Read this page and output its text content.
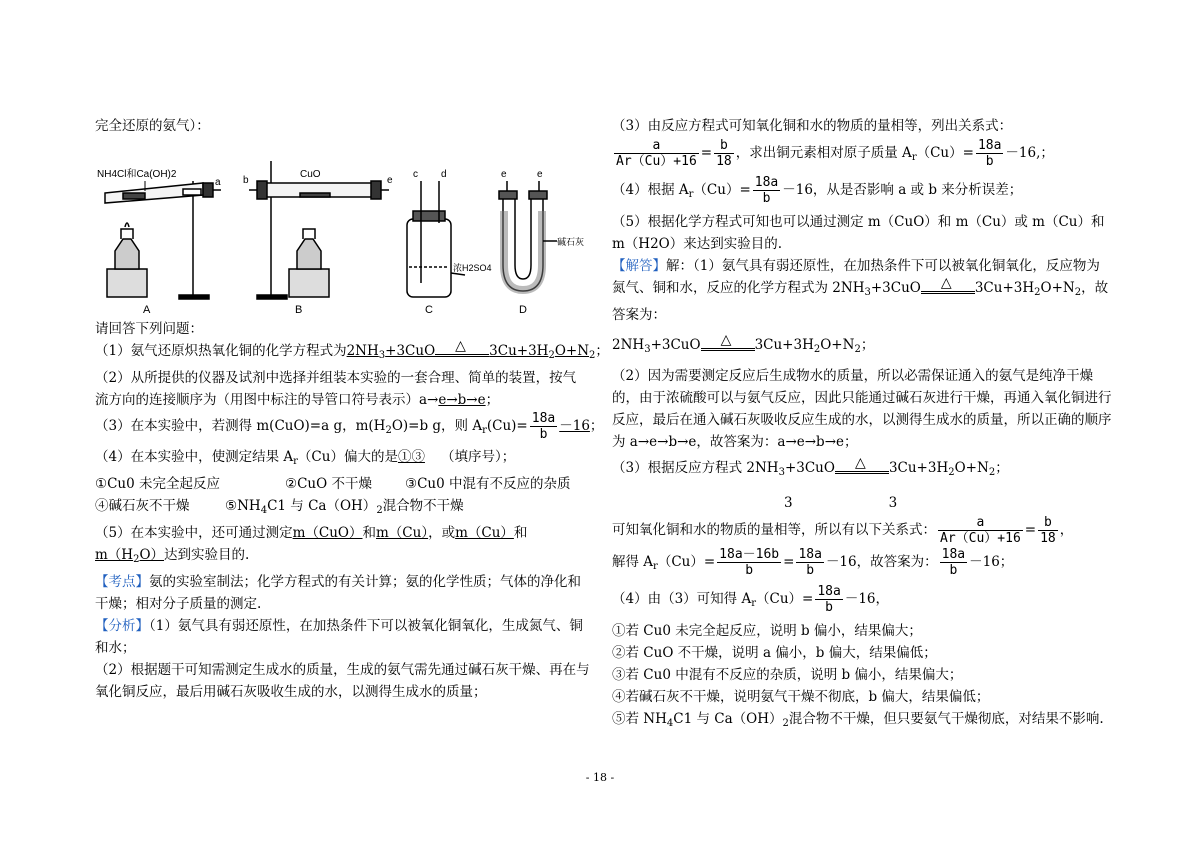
完全还原的氨气）：

NH4Cl和Ca(OH)2
a
A
CuO
b	e
B
c d
浓H2SO4
C
e	e
碱石灰
D

请回答下列问题：

（1）氨气还原炽热氧化铜的化学方程式为$2NH_3+3CuO$ △ $3Cu+3H_2O+N_2$；

（2）从所提供的仪器及试剂中选择并组装本实验的一套合理、简单的装置，按气

流方向的连接顺序为（用图中标注的导管口符号表示）a→e→b→e；

（3）在本实验中，若测得 m(CuO)=a g，$m(H_2O)=b$ g，则 $A_r(Cu)= \frac{18a}{b} -16$；

（4）在本实验中，使测定结果 $A_r(Cu)$偏大的是①③ （填序号）；

①Cu0 未完全起反应	②CuO 不干燥 ③Cu0 中混有不反应的杂质

④碱石灰不干燥	$⑤NH_4C1$ 与 $Ca(OH)_2$混合物不干燥

（5）在本实验中，还可通过测定m（CuO）和m（Cu），或m（Cu）和

$m(H_2O)$达到实验目的.

【考点】氨的实验室制法；化学方程式的有关计算；氨的化学性质；气体的净化和干燥；相对分子质量的测定.

【分析】（1）氨气具有弱还原性，在加热条件下可以被氧化铜氧化，生成氮气、铜和水；

（2）根据题干可知需测定生成水的质量，生成的氨气需先通过碱石灰干燥、再在与氧化铜反应，最后用碱石灰吸收生成的水，以测得生成水的质量；

（3）由反应方程式可知氧化铜和水的物质的量相等，列出关系式：

$\frac{a}{Ar(Cu)+16} = \frac{b}{18}$ ，求出铜元素相对原子质量 $A_r(Cu)= \frac{18a}{b} -16$,；

（4）根据 $A_r(Cu)= \frac{18a}{b} -16$，从是否影响 a 或 b 来分析误差；

（5）根据化学方程式可知也可以通过测定 m（CuO）和 m（Cu）或 m（Cu）和 m（H2O）来达到实验目的.

【解答】解：（1）氨气具有弱还原性，在加热条件下可以被氧化铜氧化，反应物为氮气、铜和水，反应的化学方程式为 $2NH_3+3CuO$ △ $3Cu+3H_2O+N_2$，故答案为：

$2NH_3+3CuO$ △ $3Cu+3H_2O+N_2$；

（2）因为需要测定反应后生成物水的质量，所以必需保证通入的氨气是纯净干燥的，由于浓硫酸可以与氨气反应，因此只能通过碱石灰进行干燥，再通入氧化铜进行反应，最后在通入碱石灰吸收反应生成的水，以测得生成水的质量，所以正确的顺序为 a→e→b→e，故答案为：a→e→b→e；

（3）根据反应方程式 $2NH_3+3CuO$ △ $3Cu+3H_2O+N_2$；

3	3

可知氧化铜和水的物质的量相等，所以有以下关系式： $\frac{a}{Ar(Cu)+16} = \frac{b}{18}$ ，

解得 $A_r(Cu)= \frac{18a-16b}{b} = \frac{18a}{b} -16$，故答案为： $\frac{18a}{b} -16$；

（4）由（3）可知得 $A_r(Cu)= \frac{18a}{b} -16$，

①若 Cu0 未完全起反应，说明 b 偏小，结果偏大；

②若 CuO 不干燥，说明 a 偏小，b 偏大，结果偏低；

③若 Cu0 中混有不反应的杂质，说明 b 偏小，结果偏大；

④若碱石灰不干燥，说明氨气干燥不彻底，b 偏大，结果偏低；

⑤若 $NH_4C1$ 与 $Ca(OH)_2$混合物不干燥，但只要氨气干燥彻底，对结果不影响.

- 18 -
